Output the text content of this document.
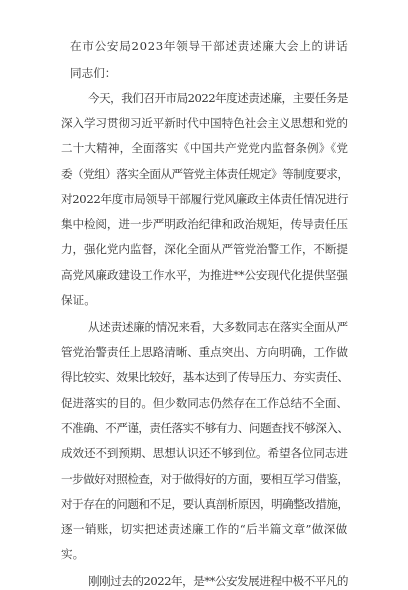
在市公安局2023年领导干部述责述廉大会上的讲话
同志们：
今天，我们召开市局2022年度述责述廉，主要任务是
深入学习贯彻习近平新时代中国特色社会主义思想和党的
二十大精神，全面落实《中国共产党党内监督条例》《党
委（党组）落实全面从严管党主体责任规定》等制度要求，
对2022年度市局领导干部履行党风廉政主体责任情况进行
集中检阅，进一步严明政治纪律和政治规矩，传导责任压
力，强化党内监督，深化全面从严管党治警工作，不断提
高党风廉政建设工作水平，为推进**公安现代化提供坚强
保证。
从述责述廉的情况来看，大多数同志在落实全面从严
管党治警责任上思路清晰、重点突出、方向明确，工作做
得比较实、效果比较好，基本达到了传导压力、夯实责任、
促进落实的目的。但少数同志仍然存在工作总结不全面、
不准确、不严谨，责任落实不够有力、问题查找不够深入、
成效还不到预期、思想认识还不够到位。希望各位同志进
一步做好对照检查，对于做得好的方面，要相互学习借鉴，
对于存在的问题和不足，要认真剖析原因，明确整改措施，
逐一销账，切实把述责述廉工作的“后半篇文章”做深做
实。
刚刚过去的2022年，是**公安发展进程中极不平凡的
